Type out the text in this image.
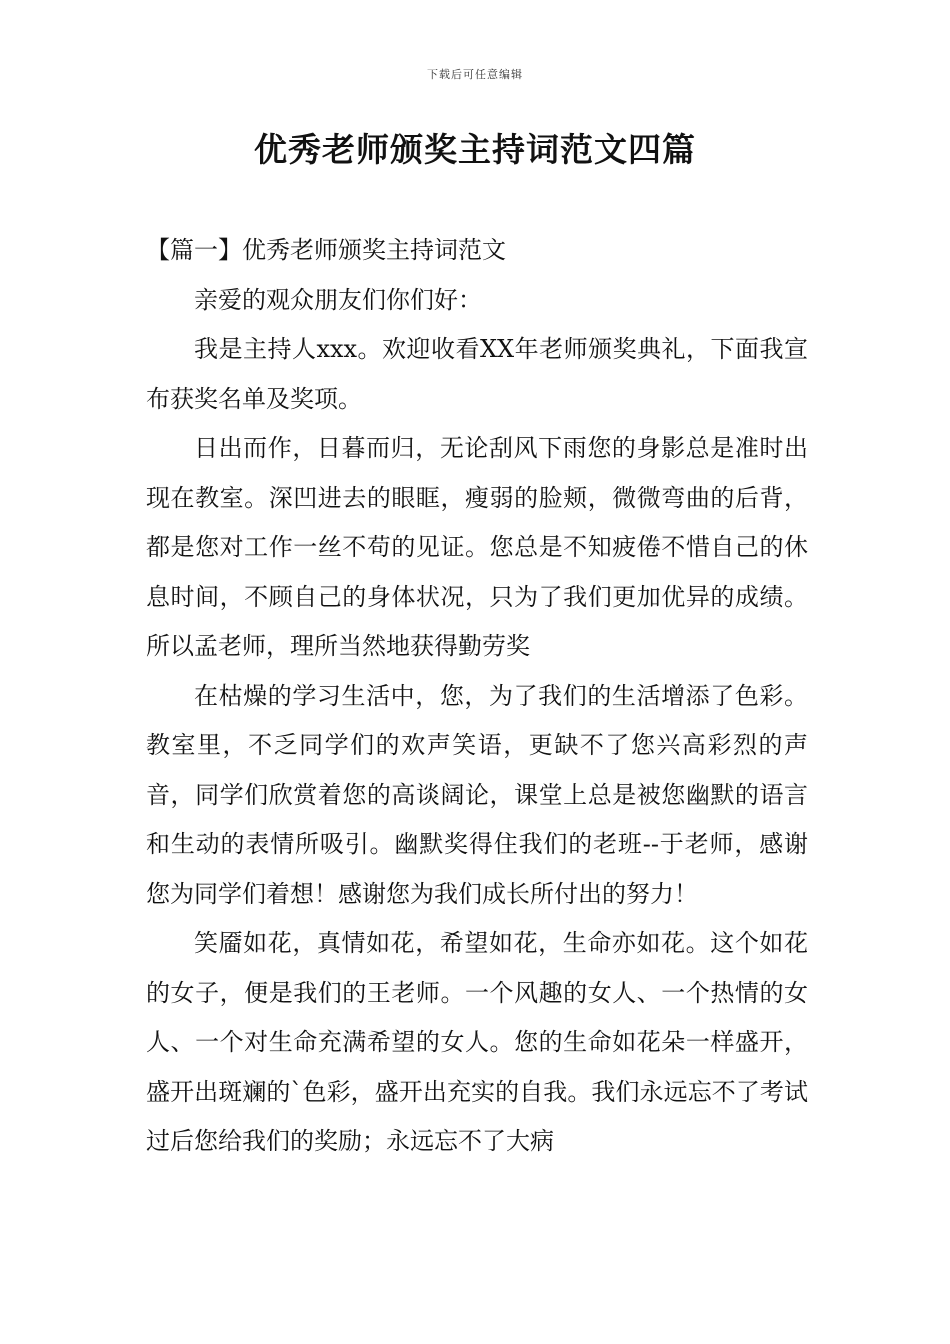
下载后可任意编辑
优秀老师颁奖主持词范文四篇

【篇一】优秀老师颁奖主持词范文

亲爱的观众朋友们你们好：

我是主持人xxx。欢迎收看XX年老师颁奖典礼，下面我宣布获奖名单及奖项。

日出而作，日暮而归，无论刮风下雨您的身影总是准时出现在教室。深凹进去的眼眶，瘦弱的脸颊，微微弯曲的后背，都是您对工作一丝不苟的见证。您总是不知疲倦不惜自己的休息时间，不顾自己的身体状况，只为了我们更加优异的成绩。所以孟老师，理所当然地获得勤劳奖

在枯燥的学习生活中，您，为了我们的生活增添了色彩。教室里，不乏同学们的欢声笑语，更缺不了您兴高彩烈的声音，同学们欣赏着您的高谈阔论，课堂上总是被您幽默的语言和生动的表情所吸引。幽默奖得住我们的老班--于老师，感谢您为同学们着想！感谢您为我们成长所付出的努力！

笑靥如花，真情如花，希望如花，生命亦如花。这个如花的女子，便是我们的王老师。一个风趣的女人、一个热情的女人、一个对生命充满希望的女人。您的生命如花朵一样盛开，盛开出斑斓的`色彩，盛开出充实的自我。我们永远忘不了考试过后您给我们的奖励；永远忘不了大病
